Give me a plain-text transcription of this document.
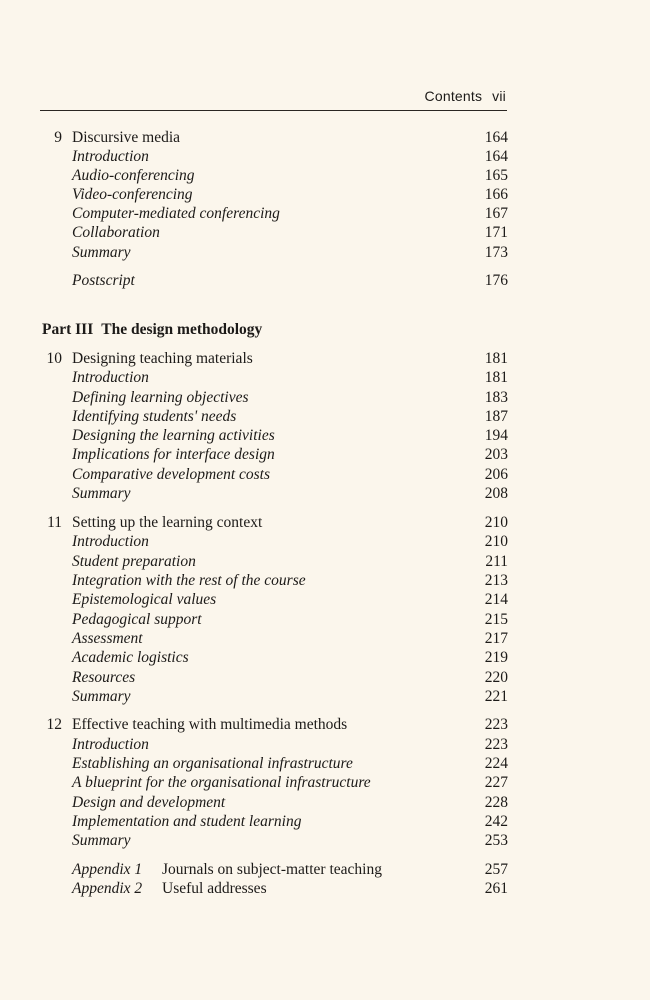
Contents vii
9 Discursive media	164
Introduction	164
Audio-conferencing	165
Video-conferencing	166
Computer-mediated conferencing	167
Collaboration	171
Summary	173
Postscript	176
Part III The design methodology
10 Designing teaching materials	181
Introduction	181
Defining learning objectives	183
Identifying students' needs	187
Designing the learning activities	194
Implications for interface design	203
Comparative development costs	206
Summary	208
11 Setting up the learning context	210
Introduction	210
Student preparation	211
Integration with the rest of the course	213
Epistemological values	214
Pedagogical support	215
Assessment	217
Academic logistics	219
Resources	220
Summary	221
12 Effective teaching with multimedia methods	223
Introduction	223
Establishing an organisational infrastructure	224
A blueprint for the organisational infrastructure	227
Design and development	228
Implementation and student learning	242
Summary	253
Appendix 1 Journals on subject-matter teaching	257
Appendix 2 Useful addresses	261
